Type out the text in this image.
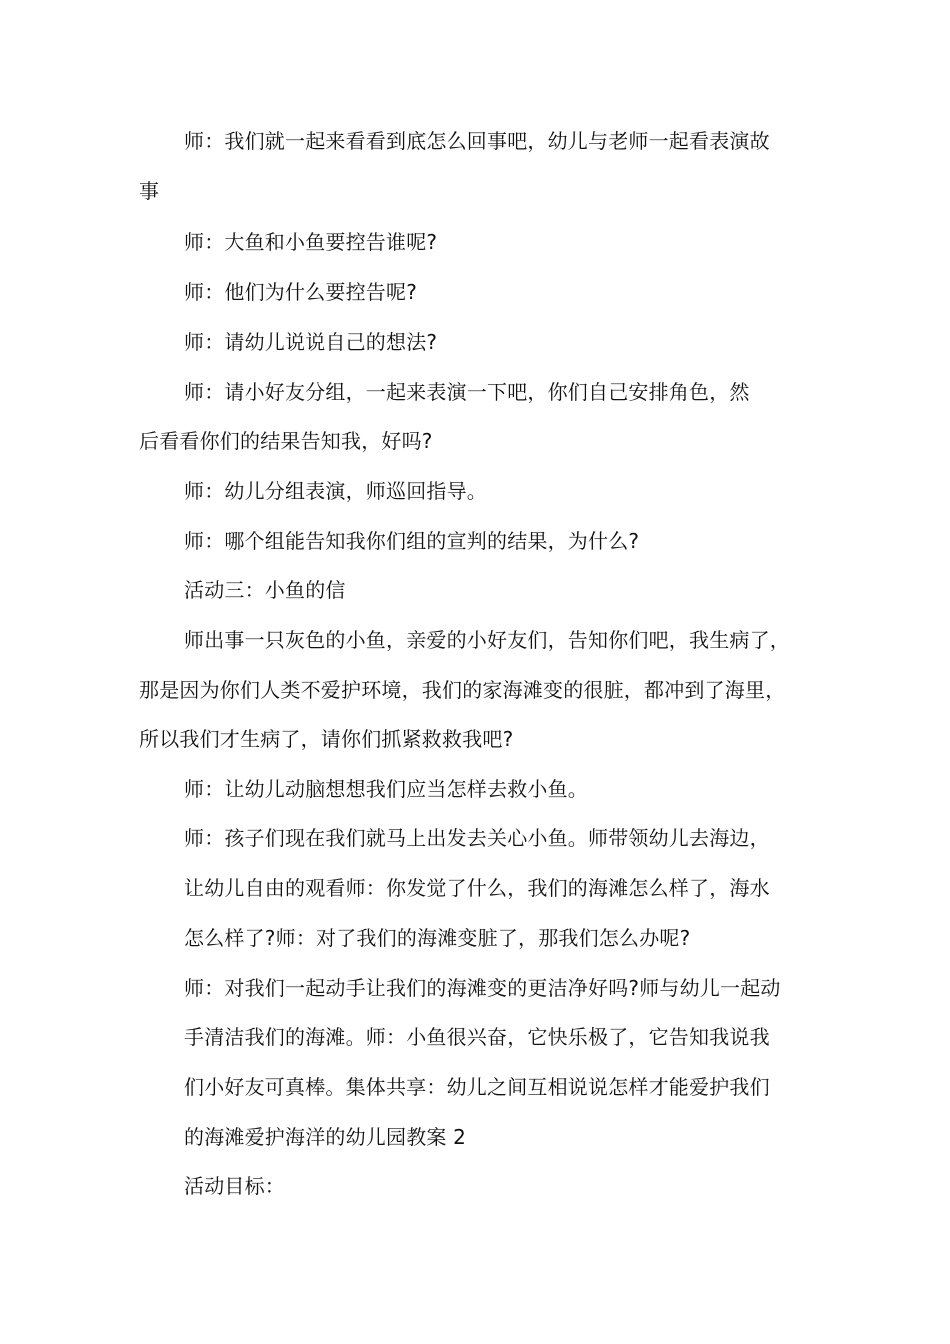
师：我们就一起来看看到底怎么回事吧，幼儿与老师一起看表演故
事
师：大鱼和小鱼要控告谁呢?
师：他们为什么要控告呢?
师：请幼儿说说自己的想法?
师：请小好友分组，一起来表演一下吧，你们自己安排角色，然
后看看你们的结果告知我，好吗?
师：幼儿分组表演，师巡回指导。
师：哪个组能告知我你们组的宣判的结果，为什么?
活动三：小鱼的信
师出事一只灰色的小鱼，亲爱的小好友们，告知你们吧，我生病了，
那是因为你们人类不爱护环境，我们的家海滩变的很脏，都冲到了海里，
所以我们才生病了，请你们抓紧救救我吧?
师：让幼儿动脑想想我们应当怎样去救小鱼。
师：孩子们现在我们就马上出发去关心小鱼。师带领幼儿去海边，
让幼儿自由的观看师：你发觉了什么，我们的海滩怎么样了，海水
怎么样了?师：对了我们的海滩变脏了，那我们怎么办呢?
师：对我们一起动手让我们的海滩变的更洁净好吗?师与幼儿一起动
手清洁我们的海滩。师：小鱼很兴奋，它快乐极了，它告知我说我
们小好友可真棒。集体共享：幼儿之间互相说说怎样才能爱护我们
的海滩爱护海洋的幼儿园教案 2
活动目标：
